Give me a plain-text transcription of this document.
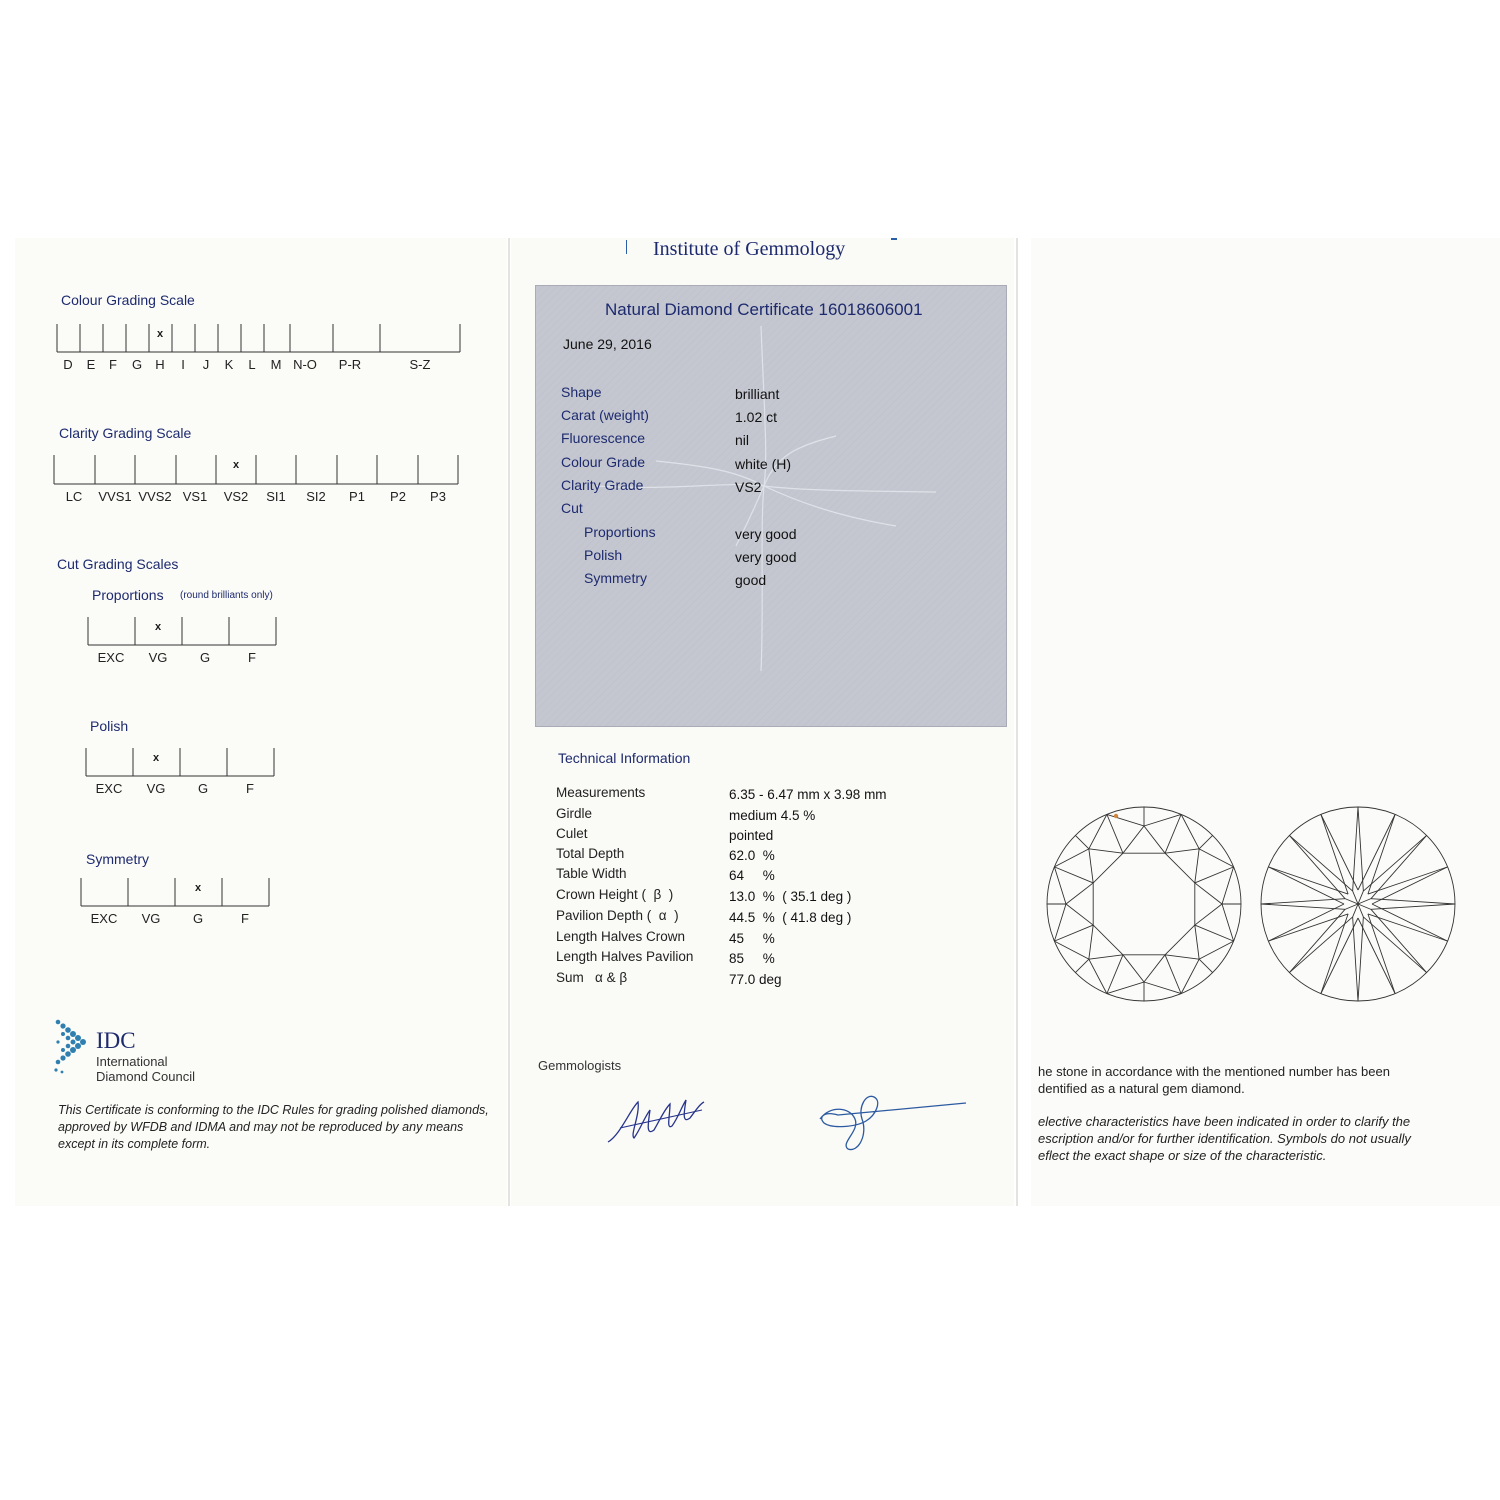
Colour Grading Scale
D	E	F	G	H	I	J	K	L	M N-O	P-R	S-Z
x
Clarity Grading Scale
LC	VVS1 VVS2 VS1	VS2	SI1	SI2	P1	P2	P3
x
Cut Grading Scales
Proportions (round brilliants only)
EXC	VG	G	F
x
Polish
EXC	VG	G	F
x
Symmetry
EXC	VG	G	F
x
IDC
International
Diamond Council
This Certificate is conforming to the IDC Rules for grading polished diamonds, approved by WFDB and IDMA and may not be reproduced by any means except in its complete form.
Institute of Gemmology
Natural Diamond Certificate 16018606001
June 29, 2016
Shape	brilliant
Carat (weight)	1.02 ct
Fluorescence	nil
Colour Grade	white (H)
Clarity Grade	VS2
Cut
Proportions	very good
Polish	very good
Symmetry	good
Technical Information
Measurements	6.35 - 6.47 mm x 3.98 mm
Girdle	medium 4.5 %
Culet	pointed
Total Depth	62.0  %
Table Width	64     %
Crown Height (  β  )	13.0  %  ( 35.1 deg )
Pavilion Depth (  α  )	44.5  %  ( 41.8 deg )
Length Halves Crown	45     %
Length Halves Pavilion	85     %
Sum   α & β	77.0 deg
Gemmologists	he stone in accordance with the mentioned number has been dentified as a natural gem diamond.
elective characteristics have been indicated in order to clarify the escription and/or for further identification. Symbols do not usually eflect the exact shape or size of the characteristic.
